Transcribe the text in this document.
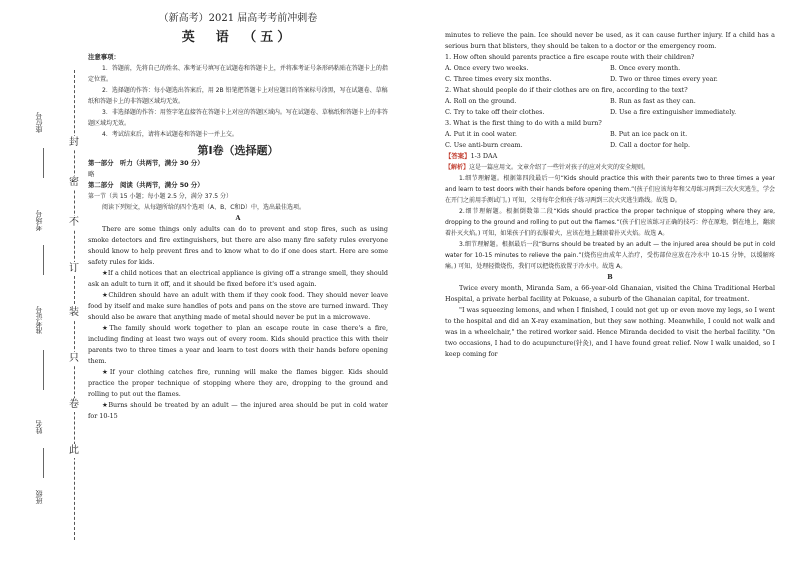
封
密
不
订
装
只
卷
此
座位号
考场号
准考证号
姓名
班级
（新高考）2021 届高考考前冲刺卷
英　语　（五）
注意事项：

1．答题前，先将自己的姓名、准考证号填写在试题卷和答题卡上，并将准考证号条形码粘贴在答题卡上的指定位置。

2．选择题的作答：每小题选出答案后，用 2B 铅笔把答题卡上对应题目的答案标号涂黑，写在试题卷、草稿纸和答题卡上的非答题区域均无效。

3．非选择题的作答：用签字笔直接答在答题卡上对应的答题区域内。写在试题卷、草稿纸和答题卡上的非答题区域均无效。

4．考试结束后，请将本试题卷和答题卡一并上交。

第Ⅰ卷（选择题）
第一部分　听力（共两节，满分 30 分）
略
第二部分　阅读（共两节，满分 50 分）
第一节（共 15 小题；每小题 2.5 分，满分 37.5 分）
阅读下列短文，从每题所给的四个选项（A、B、C和D）中，选出最佳选项。
A

There are some things only adults can do to prevent and stop fires, such as using smoke detectors and fire extinguishers, but there are also many fire safety rules everyone should know to help prevent fires and to know what to do if one does start. Here are some safety rules for kids.

★If a child notices that an electrical appliance is giving off a strange smell, they should ask an adult to turn it off, and it should be fixed before it's used again.

★Children should have an adult with them if they cook food. They should never leave food by itself and make sure handles of pots and pans on the stove are turned inward. They should also be aware that anything made of metal should never be put in a microwave.

★The family should work together to plan an escape route in case there's a fire, including finding at least two ways out of every room. Kids should practice this with their parents two to three times a year and learn to test doors with their hands before opening them.

★If your clothing catches fire, running will make the flames bigger. Kids should practice the proper technique of stopping where they are, dropping to the ground and rolling to put out the flames.

★Burns should be treated by an adult — the injured area should be put in cold water for 10-15

minutes to relieve the pain. Ice should never be used, as it can cause further injury. If a child has a serious burn that blisters, they should be taken to a doctor or the emergency room.

1. How often should parents practice a fire escape route with their children?

A. Once every two weeks.	B. Once every month.
C. Three times every six months.	D. Two or three times every year.

2. What should people do if their clothes are on fire, according to the text?

A. Roll on the ground.	B. Run as fast as they can.
C. Try to take off their clothes.	D. Use a fire extinguisher immediately.

3. What is the first thing to do with a mild burn?

A. Put it in cool water.	B. Put an ice pack on it.
C. Use anti-burn cream.	D. Call a doctor for help.
【答案】1-3 DAA
【解析】这是一篇应用文。文章介绍了一些针对孩子的应对火灾的安全规则。

1.细节理解题。根据第四段最后一句“Kids should practice this with their parents two to three times a year and learn to test doors with their hands before opening them.”(孩子们应该每年和父母练习两到三次火灾逃生，学会在开门之前用手测试门。) 可知，父母每年会和孩子练习两到三次火灾逃生路线。故选 D。

2.细节理解题。根据倒数第二段“Kids should practice the proper technique of stopping where they are, dropping to the ground and rolling to put out the flames.”(孩子们应该练习正确的技巧：停在原地，倒在地上，翻滚着扑灭火焰。) 可知，如果孩子们的衣服着火，应该在地上翻滚着扑灭火焰。故选 A。

3.细节理解题。根据最后一段“Burns should be treated by an adult — the injured area should be put in cold water for 10-15 minutes to relieve the pain.”(烧伤应由成年人治疗，受伤部位应放在冷水中 10-15 分钟，以缓解疼痛。) 可知，处理轻微烧伤，我们可以把烧伤放置于冷水中。故选 A。

B

Twice every month, Miranda Sam, a 66-year-old Ghanaian, visited the China Traditional Herbal Hospital, a private herbal facility at Pokuase, a suburb of the Ghanaian capital, for treatment.

"I was squeezing lemons, and when I finished, I could not get up or even move my legs, so I went to the hospital and did an X-ray examination, but they saw nothing. Meanwhile, I could not walk and was in a wheelchair," the retired worker said. Hence Miranda decided to visit the herbal facility. "On two occasions, I had to do acupuncture(针灸), and I have found great relief. Now I walk unaided, so I keep coming for
